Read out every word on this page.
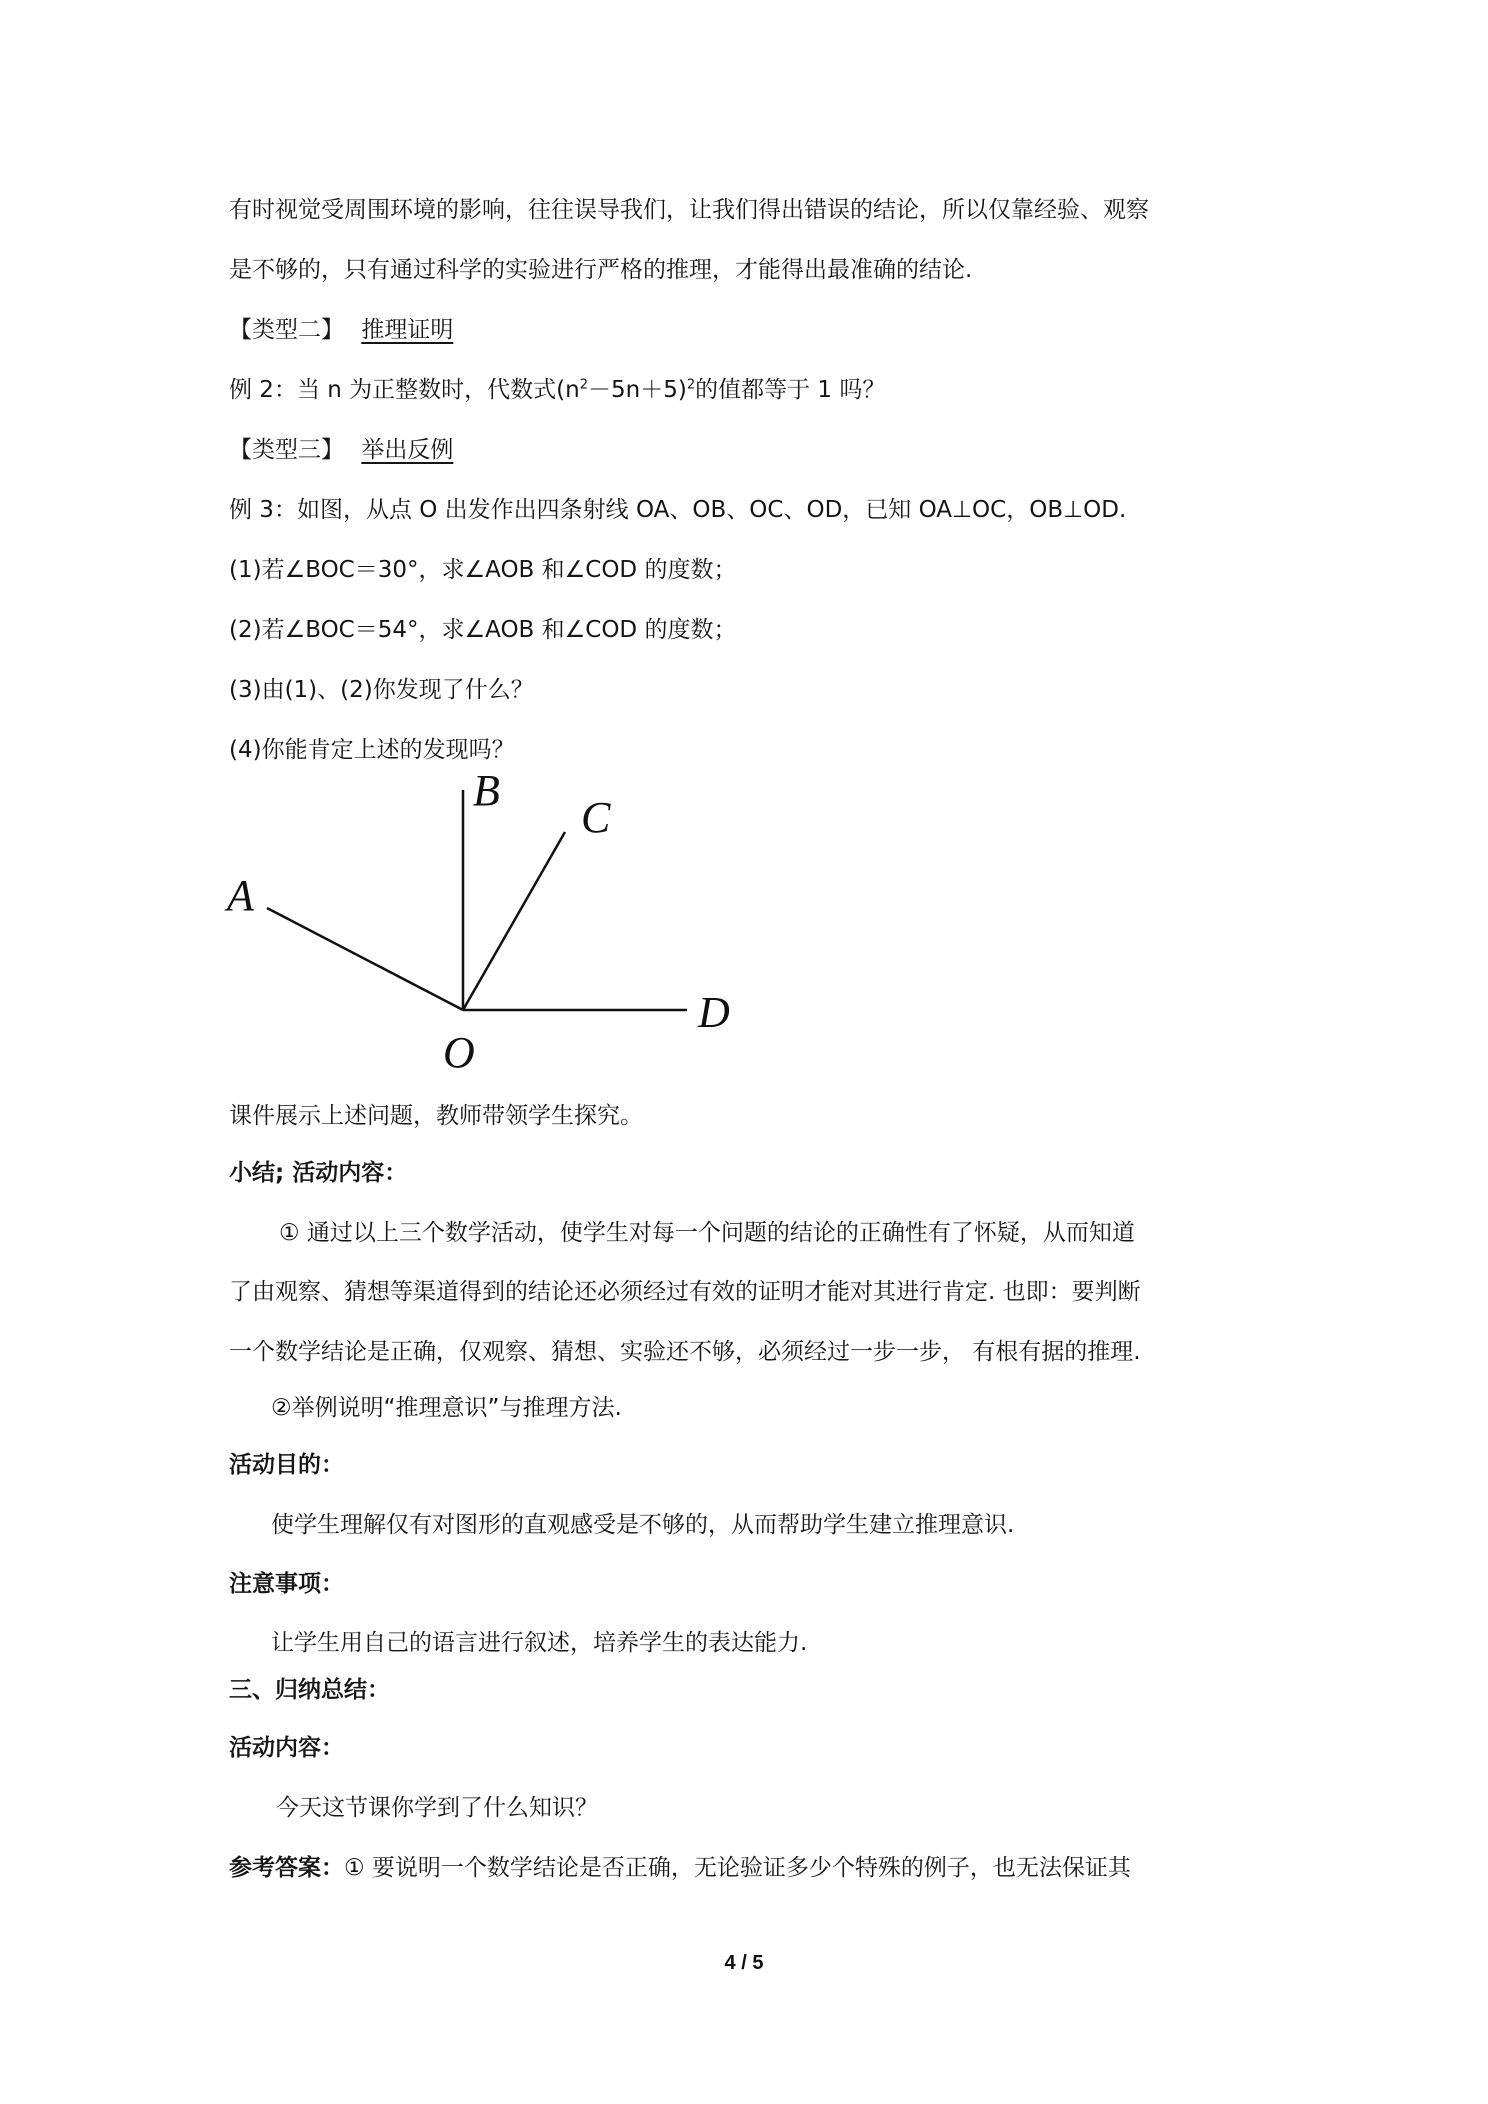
有时视觉受周围环境的影响，往往误导我们，让我们得出错误的结论，所以仅靠经验、观察

是不够的，只有通过科学的实验进行严格的推理，才能得出最准确的结论.

【类型二】 推理证明

例 2：当 n 为正整数时，代数式$(n^2-5n+5)^2$的值都等于 1 吗？

【类型三】 举出反例

例 3：如图，从点 O 出发作出四条射线 OA、OB、OC、OD，已知 OA⊥OC，OB⊥OD.

(1)若∠BOC＝30°，求∠AOB 和∠COD 的度数；

(2)若∠BOC＝54°，求∠AOB 和∠COD 的度数；

(3)由(1)、(2)你发现了什么？

(4)你能肯定上述的发现吗？

B
C
A
D
O

课件展示上述问题，教师带领学生探究。

小结; 活动内容：

① 通过以上三个数学活动，使学生对每一个问题的结论的正确性有了怀疑，从而知道

了由观察、猜想等渠道得到的结论还必须经过有效的证明才能对其进行肯定. 也即：要判断

一个数学结论是正确，仅观察、猜想、实验还不够，必须经过一步一步， 有根有据的推理.

②举例说明“推理意识”与推理方法.

活动目的：

使学生理解仅有对图形的直观感受是不够的，从而帮助学生建立推理意识.

注意事项：

让学生用自己的语言进行叙述，培养学生的表达能力.

三、归纳总结：

活动内容：

今天这节课你学到了什么知识？

参考答案：① 要说明一个数学结论是否正确，无论验证多少个特殊的例子，也无法保证其

4 / 5
